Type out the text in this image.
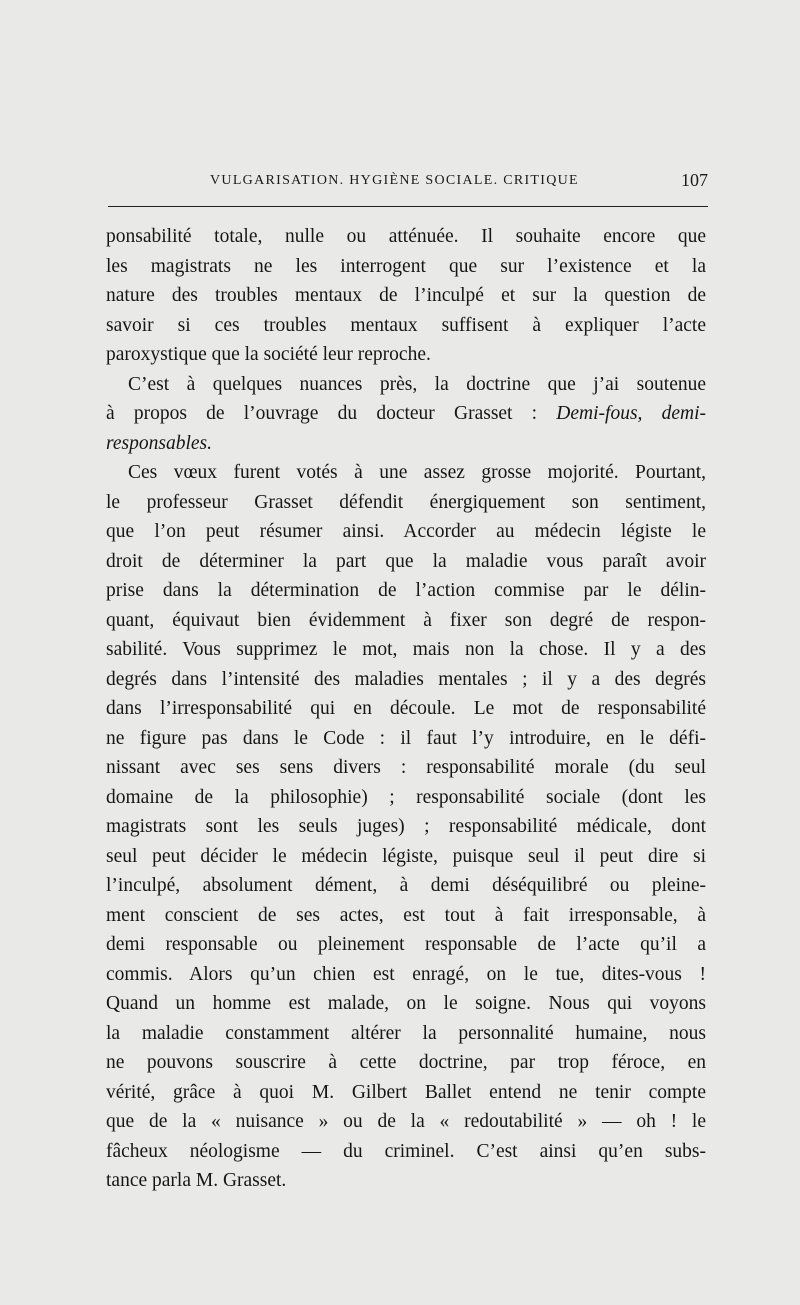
VULGARISATION. HYGIÈNE SOCIALE. CRITIQUE	107
ponsabilité totale, nulle ou atténuée. Il souhaite encore que
les magistrats ne les interrogent que sur l’existence et la
nature des troubles mentaux de l’inculpé et sur la question de
savoir si ces troubles mentaux suffisent à expliquer l’acte
paroxystique que la société leur reproche.
C’est à quelques nuances près, la doctrine que j’ai soutenue
à propos de l’ouvrage du docteur Grasset : Demi-fous, demi-
responsables.
Ces vœux furent votés à une assez grosse mojorité. Pourtant,
le professeur Grasset défendit énergiquement son sentiment,
que l’on peut résumer ainsi. Accorder au médecin légiste le
droit de déterminer la part que la maladie vous paraît avoir
prise dans la détermination de l’action commise par le délin-
quant, équivaut bien évidemment à fixer son degré de respon-
sabilité. Vous supprimez le mot, mais non la chose. Il y a des
degrés dans l’intensité des maladies mentales ; il y a des degrés
dans l’irresponsabilité qui en découle. Le mot de responsabilité
ne figure pas dans le Code : il faut l’y introduire, en le défi-
nissant avec ses sens divers : responsabilité morale (du seul
domaine de la philosophie) ; responsabilité sociale (dont les
magistrats sont les seuls juges) ; responsabilité médicale, dont
seul peut décider le médecin légiste, puisque seul il peut dire si
l’inculpé, absolument dément, à demi déséquilibré ou pleine-
ment conscient de ses actes, est tout à fait irresponsable, à
demi responsable ou pleinement responsable de l’acte qu’il a
commis. Alors qu’un chien est enragé, on le tue, dites-vous !
Quand un homme est malade, on le soigne. Nous qui voyons
la maladie constamment altérer la personnalité humaine, nous
ne pouvons souscrire à cette doctrine, par trop féroce, en
vérité, grâce à quoi M. Gilbert Ballet entend ne tenir compte
que de la « nuisance » ou de la « redoutabilité » — oh ! le
fâcheux néologisme — du criminel. C’est ainsi qu’en subs-
tance parla M. Grasset.
